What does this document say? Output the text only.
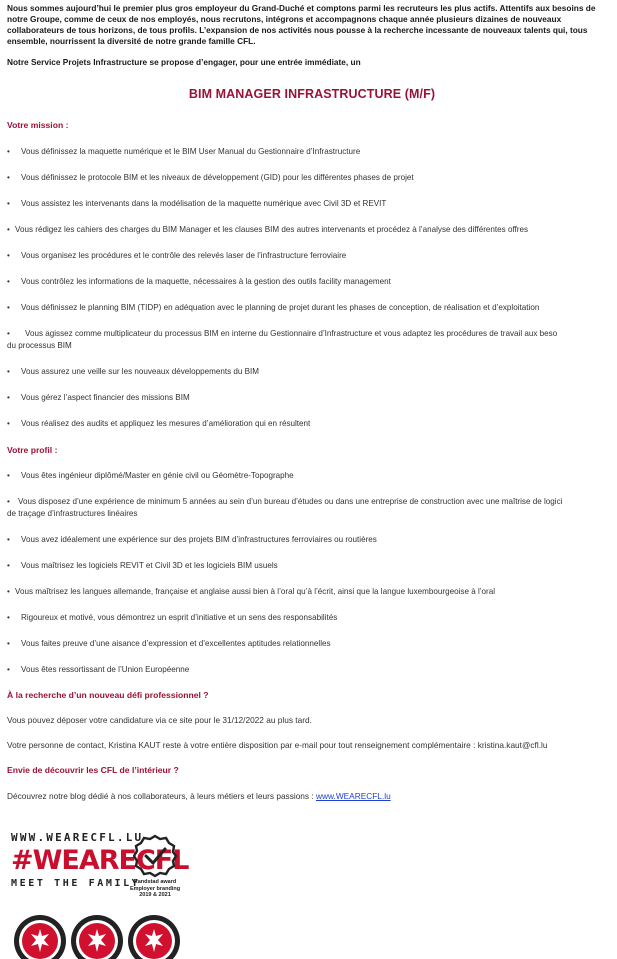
Nous sommes aujourd’hui le premier plus gros employeur du Grand-Duché et comptons parmi les recruteurs les plus actifs. Attentifs aux besoins de
notre Groupe, comme de ceux de nos employés, nous recrutons, intégrons et accompagnons chaque année plusieurs dizaines de nouveaux
collaborateurs de tous horizons, de tous profils. L’expansion de nos activités nous pousse à la recherche incessante de nouveaux talents qui, tous
ensemble, nourrissent la diversité de notre grande famille CFL.
Notre Service Projets Infrastructure se propose d’engager, pour une entrée immédiate, un
BIM MANAGER INFRASTRUCTURE (M/F)
Votre mission :
• Vous définissez la maquette numérique et le BIM User Manual du Gestionnaire d’Infrastructure
• Vous définissez le protocole BIM et les niveaux de développement (GID) pour les différentes phases de projet
• Vous assistez les intervenants dans la modélisation de la maquette numérique avec Civil 3D et REVIT
• Vous rédigez les cahiers des charges du BIM Manager et les clauses BIM des autres intervenants et procédez à l’analyse des différentes offres
• Vous organisez les procédures et le contrôle des relevés laser de l’infrastructure ferroviaire
• Vous contrôlez les informations de la maquette, nécessaires à la gestion des outils facility management
• Vous définissez le planning BIM (TIDP) en adéquation avec le planning de projet durant les phases de conception, de réalisation et d’exploitation
• Vous agissez comme multiplicateur du processus BIM en interne du Gestionnaire d’Infrastructure et vous adaptez les procédures de travail aux beso
du processus BIM
• Vous assurez une veille sur les nouveaux développements du BIM
• Vous gérez l’aspect financier des missions BIM
• Vous réalisez des audits et appliquez les mesures d’amélioration qui en résultent
Votre profil :
• Vous êtes ingénieur diplômé/Master en génie civil ou Géomètre-Topographe
• Vous disposez d’une expérience de minimum 5 années au sein d’un bureau d’études ou dans une entreprise de construction avec une maîtrise de logici
de traçage d’infrastructures linéaires
• Vous avez idéalement une expérience sur des projets BIM d’infrastructures ferroviaires ou routières
• Vous maîtrisez les logiciels REVIT et Civil 3D et les logiciels BIM usuels
• Vous maîtrisez les langues allemande, française et anglaise aussi bien à l’oral qu’à l’écrit, ainsi que la langue luxembourgeoise à l’oral
• Rigoureux et motivé, vous démontrez un esprit d’initiative et un sens des responsabilités
• Vous faites preuve d’une aisance d’expression et d’excellentes aptitudes relationnelles
• Vous êtes ressortissant de l’Union Européenne
À la recherche d’un nouveau défi professionnel ?
Vous pouvez déposer votre candidature via ce site pour le 31/12/2022 au plus tard.
Votre personne de contact, Kristina KAUT reste à votre entière disposition par e-mail pour tout renseignement complémentaire : kristina.kaut@cfl.lu
Envie de découvrir les CFL de l’intérieur ?
Découvrez notre blog dédié à nos collaborateurs, à leurs métiers et leurs passions : www.WEARECFL.lu
WWW.WEARECFL.LU
#WEARECFL
MEET THE FAMILY
Randstad award
Employer branding
2019 & 2021
